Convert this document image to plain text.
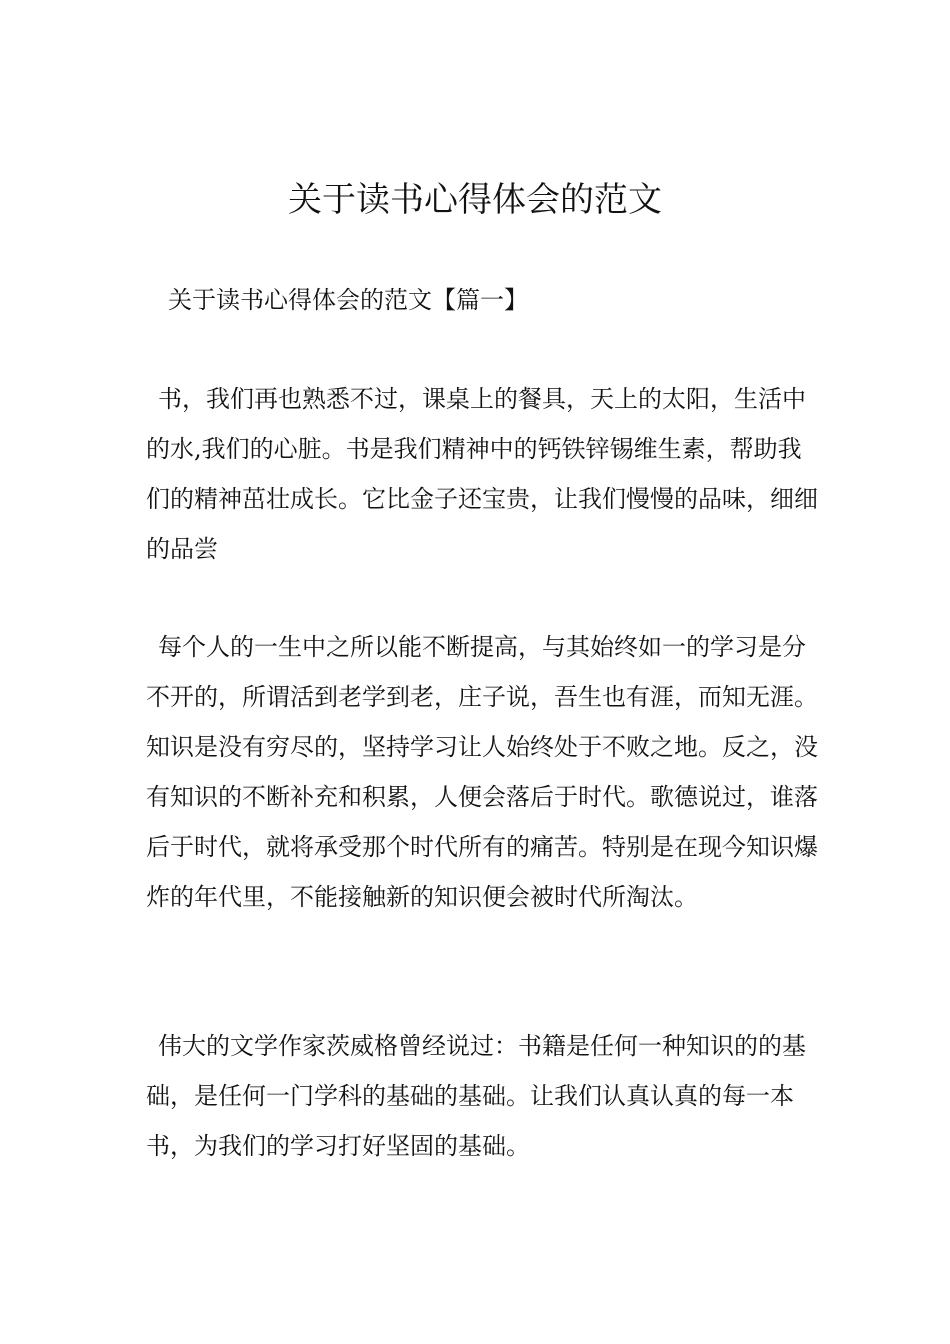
关于读书心得体会的范文

关于读书心得体会的范文【篇一】

书，我们再也熟悉不过，课桌上的餐具，天上的太阳，生活中的水,我们的心脏。书是我们精神中的钙铁锌锡维生素，帮助我们的精神茁壮成长。它比金子还宝贵，让我们慢慢的品味，细细的品尝

每个人的一生中之所以能不断提高，与其始终如一的学习是分不开的，所谓活到老学到老，庄子说，吾生也有涯，而知无涯。知识是没有穷尽的，坚持学习让人始终处于不败之地。反之，没有知识的不断补充和积累，人便会落后于时代。歌德说过，谁落后于时代，就将承受那个时代所有的痛苦。特别是在现今知识爆炸的年代里，不能接触新的知识便会被时代所淘汰。

伟大的文学作家茨威格曾经说过：书籍是任何一种知识的的基础，是任何一门学科的基础的基础。让我们认真认真的每一本书，为我们的学习打好坚固的基础。
